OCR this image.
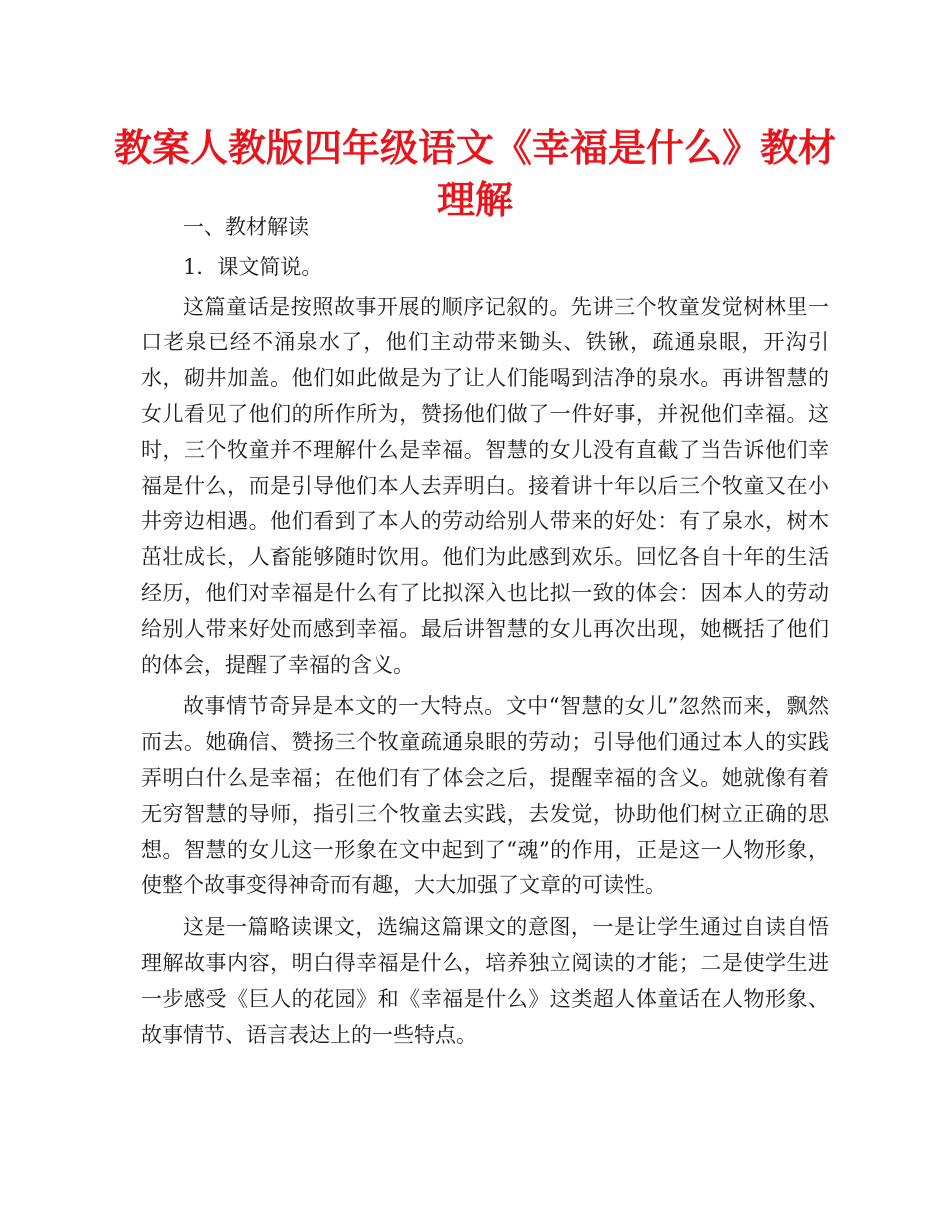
教案人教版四年级语文《幸福是什么》教材理解

一、教材解读

1．课文简说。

这篇童话是按照故事开展的顺序记叙的。先讲三个牧童发觉树林里一口老泉已经不涌泉水了，他们主动带来锄头、铁锹，疏通泉眼，开沟引水，砌井加盖。他们如此做是为了让人们能喝到洁净的泉水。再讲智慧的女儿看见了他们的所作所为，赞扬他们做了一件好事，并祝他们幸福。这时，三个牧童并不理解什么是幸福。智慧的女儿没有直截了当告诉他们幸福是什么，而是引导他们本人去弄明白。接着讲十年以后三个牧童又在小井旁边相遇。他们看到了本人的劳动给别人带来的好处：有了泉水，树木茁壮成长，人畜能够随时饮用。他们为此感到欢乐。回忆各自十年的生活经历，他们对幸福是什么有了比拟深入也比拟一致的体会：因本人的劳动给别人带来好处而感到幸福。最后讲智慧的女儿再次出现，她概括了他们的体会，提醒了幸福的含义。

故事情节奇异是本文的一大特点。文中“智慧的女儿”忽然而来，飘然而去。她确信、赞扬三个牧童疏通泉眼的劳动；引导他们通过本人的实践弄明白什么是幸福；在他们有了体会之后，提醒幸福的含义。她就像有着无穷智慧的导师，指引三个牧童去实践，去发觉，协助他们树立正确的思想。智慧的女儿这一形象在文中起到了“魂”的作用，正是这一人物形象，使整个故事变得神奇而有趣，大大加强了文章的可读性。

这是一篇略读课文，选编这篇课文的意图，一是让学生通过自读自悟理解故事内容，明白得幸福是什么，培养独立阅读的才能；二是使学生进一步感受《巨人的花园》和《幸福是什么》这类超人体童话在人物形象、故事情节、语言表达上的一些特点。
